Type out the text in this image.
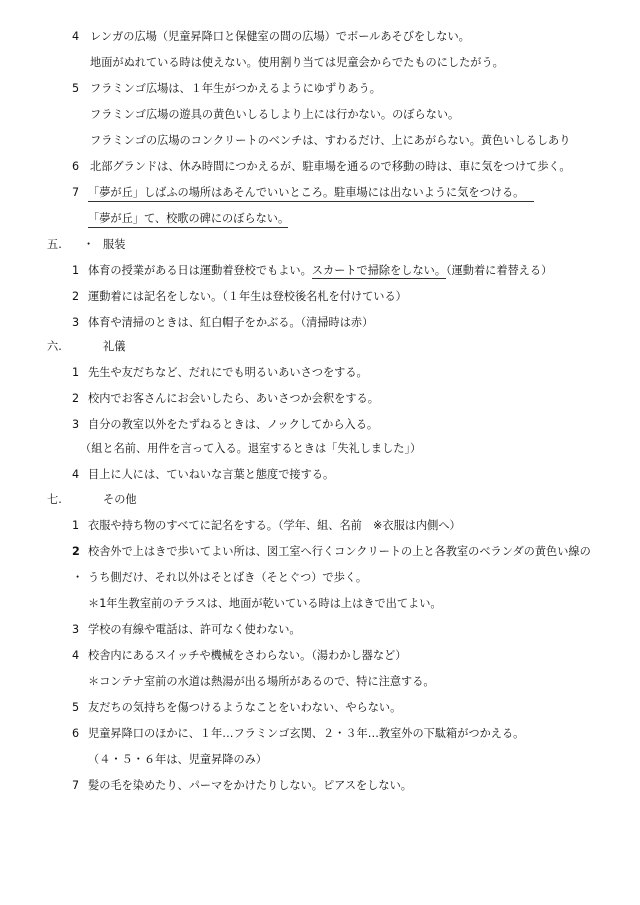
4 レンガの広場（児童昇降口と保健室の間の広場）でボールあそびをしない。
地面がぬれている時は使えない。使用割り当ては児童会からでたものにしたがう。
5 フラミンゴ広場は、１年生がつかえるようにゆずりあう。
フラミンゴ広場の遊具の黄色いしるしより上には行かない。のぼらない。
フラミンゴの広場のコンクリートのベンチは、すわるだけ、上にあがらない。黄色いしるしあり
6 北部グランドは、休み時間につかえるが、駐車場を通るので移動の時は、車に気をつけて歩く。
7 「夢が丘」しばふの場所はあそんでいいところ。駐車場には出ないように気をつける。
「夢が丘」て、校歌の碑にのぼらない。
五. ・ 服装
1 体育の授業がある日は運動着登校でもよい。スカートで掃除をしない。（運動着に着替える）
2 運動着には記名をしない。（１年生は登校後名札を付けている）
3 体育や清掃のときは、紅白帽子をかぶる。（清掃時は赤）
六.	礼儀
1 先生や友だちなど、だれにでも明るいあいさつをする。
2 校内でお客さんにお会いしたら、あいさつか会釈をする。
3 自分の教室以外をたずねるときは、ノックしてから入る。
（組と名前、用件を言って入る。退室するときは「失礼しました」）
4 目上に人には、ていねいな言葉と態度で接する。
七.	その他
1 衣服や持ち物のすべてに記名をする。（学年、組、名前　※衣服は内側へ）
2 校舎外で上はきで歩いてよい所は、図工室へ行くコンクリートの上と各教室のベランダの黄色い線の
・ うち側だけ、それ以外はそとばき（そとぐつ）で歩く。
＊1年生教室前のテラスは、地面が乾いている時は上はきで出てよい。
3 学校の有線や電話は、許可なく使わない。
4 校舎内にあるスイッチや機械をさわらない。（湯わかし器など）
＊コンテナ室前の水道は熱湯が出る場所があるので、特に注意する。
5 友だちの気持ちを傷つけるようなことをいわない、やらない。
6 児童昇降口のほかに、１年…フラミンゴ玄関、２・３年…教室外の下駄箱がつかえる。
（４・５・６年は、児童昇降のみ）
7 髪の毛を染めたり、パーマをかけたりしない。ピアスをしない。
